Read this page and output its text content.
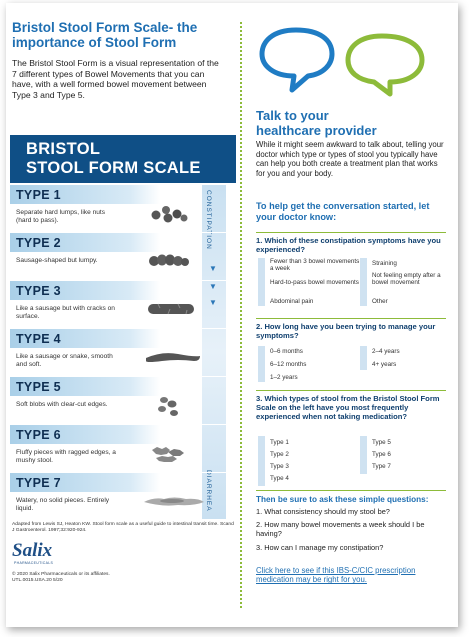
Bristol Stool Form Scale- the importance of Stool Form
The Bristol Stool Form is a visual representation of the 7 different types of Bowel Movements that you can have, with a well formed bowel movement between Type 3 and Type 5.
BRISTOL
STOOL FORM SCALE
CONSTIPATION
▼
▼
▼
DIARRHEA
TYPE 1
Separate hard lumps, like nuts (hard to pass).
TYPE 2
Sausage-shaped but lumpy.
TYPE 3
Like a sausage but with cracks on surface.
TYPE 4
Like a sausage or snake, smooth and soft.
TYPE 5
Soft blobs with clear-cut edges.
TYPE 6
Fluffy pieces with ragged edges, a mushy stool.
TYPE 7
Watery, no solid pieces. Entirely liquid.
Adapted from Lewis SJ, Heaton KW. Stool form scale as a useful guide to intestinal transit time. Scand J Gastroenterol. 1997;32:920-924.
Salix
PHARMACEUTICALS
© 2020 Salix Pharmaceuticals or its affiliates.
UTL.0015.USA.20 5/20
Talk to your
healthcare provider
While it might seem awkward to talk about, telling your doctor which type or types of stool you typically have can help you both create a treatment plan that works for you and your body.
To help get the conversation started, let your doctor know:
1. Which of these constipation symptoms have you experienced?
Fewer than 3 bowel movements a week
Hard-to-pass bowel movements
Abdominal pain
Straining
Not feeling empty after a bowel movement
Other
2. How long have you been trying to manage your symptoms?
0–6 months
6–12 months
1–2 years
2–4 years
4+ years
3. Which types of stool from the Bristol Stool Form Scale on the left have you most frequently experienced when not taking medication?
Type 1
Type 2
Type 3
Type 4
Type 5
Type 6
Type 7
Then be sure to ask these simple questions:
1. What consistency should my stool be?
2. How many bowel movements a week should I be having?
3. How can I manage my constipation?
Click here to see if this IBS-C/CIC prescription medication may be right for you.
